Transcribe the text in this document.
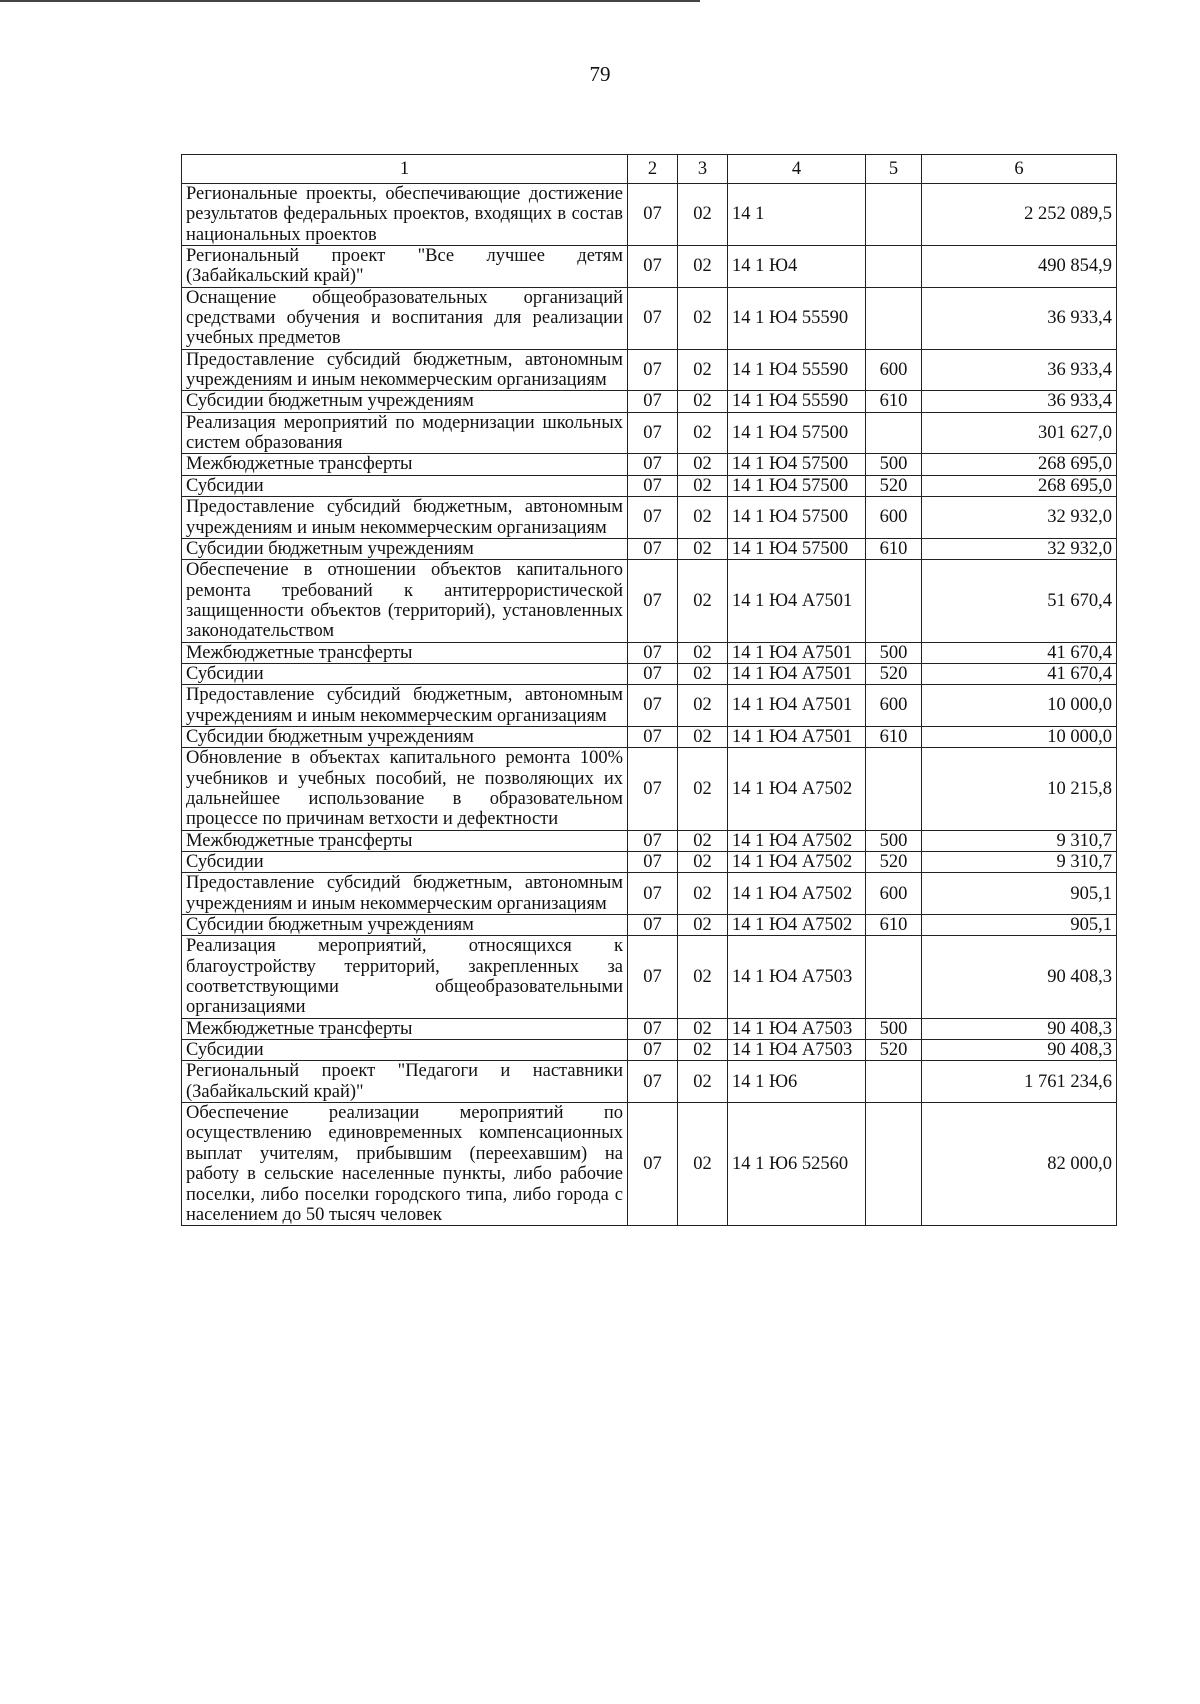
79
1	2	3	4	5	6
Региональные проекты, обеспечивающие достижение результатов федеральных проектов, входящих в состав национальных проектов	07	02	14 1		2 252 089,5
Региональный проект "Все лучшее детям (Забайкальский край)"	07	02	14 1 Ю4		490 854,9
Оснащение общеобразовательных организаций средствами обучения и воспитания для реализации учебных предметов	07	02	14 1 Ю4 55590		36 933,4
Предоставление субсидий бюджетным, автономным учреждениям и иным некоммерческим организациям	07	02	14 1 Ю4 55590	600	36 933,4
Субсидии бюджетным учреждениям	07	02	14 1 Ю4 55590	610	36 933,4
Реализация мероприятий по модернизации школьных систем образования	07	02	14 1 Ю4 57500		301 627,0
Межбюджетные трансферты	07	02	14 1 Ю4 57500	500	268 695,0
Субсидии	07	02	14 1 Ю4 57500	520	268 695,0
Предоставление субсидий бюджетным, автономным учреждениям и иным некоммерческим организациям	07	02	14 1 Ю4 57500	600	32 932,0
Субсидии бюджетным учреждениям	07	02	14 1 Ю4 57500	610	32 932,0
Обеспечение в отношении объектов капитального ремонта требований к антитеррористической защищенности объектов (территорий), установленных законодательством	07	02	14 1 Ю4 А7501		51 670,4
Межбюджетные трансферты	07	02	14 1 Ю4 А7501	500	41 670,4
Субсидии	07	02	14 1 Ю4 А7501	520	41 670,4
Предоставление субсидий бюджетным, автономным учреждениям и иным некоммерческим организациям	07	02	14 1 Ю4 А7501	600	10 000,0
Субсидии бюджетным учреждениям	07	02	14 1 Ю4 А7501	610	10 000,0
Обновление в объектах капитального ремонта 100% учебников и учебных пособий, не позволяющих их дальнейшее использование в образовательном процессе по причинам ветхости и дефектности	07	02	14 1 Ю4 А7502		10 215,8
Межбюджетные трансферты	07	02	14 1 Ю4 А7502	500	9 310,7
Субсидии	07	02	14 1 Ю4 А7502	520	9 310,7
Предоставление субсидий бюджетным, автономным учреждениям и иным некоммерческим организациям	07	02	14 1 Ю4 А7502	600	905,1
Субсидии бюджетным учреждениям	07	02	14 1 Ю4 А7502	610	905,1
Реализация мероприятий, относящихся к благоустройству территорий, закрепленных за соответствующими общеобразовательными организациями	07	02	14 1 Ю4 А7503		90 408,3
Межбюджетные трансферты	07	02	14 1 Ю4 А7503	500	90 408,3
Субсидии	07	02	14 1 Ю4 А7503	520	90 408,3
Региональный проект "Педагоги и наставники (Забайкальский край)"	07	02	14 1 Ю6		1 761 234,6
Обеспечение реализации мероприятий по осуществлению единовременных компенсационных выплат учителям, прибывшим (переехавшим) на работу в сельские населенные пункты, либо рабочие поселки, либо поселки городского типа, либо города с населением до 50 тысяч человек	07	02	14 1 Ю6 52560		82 000,0
